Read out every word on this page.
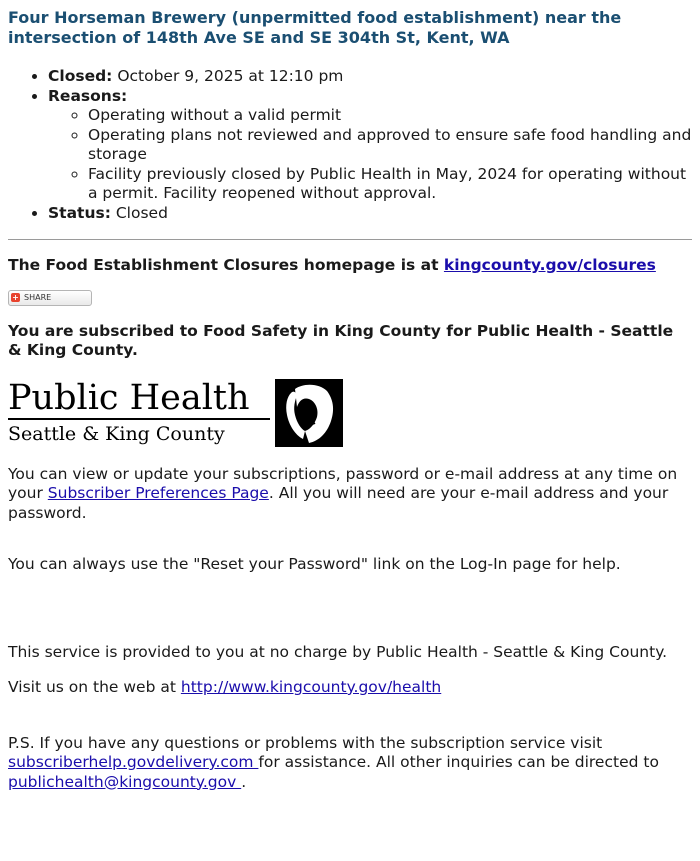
Four Horseman Brewery (unpermitted food establishment) near the intersection of 148th Ave SE and SE 304th St, Kent, WA
• Closed: October 9, 2025 at 12:10 pm
• Reasons:
◦ Operating without a valid permit
◦ Operating plans not reviewed and approved to ensure safe food handling and storage
◦ Facility previously closed by Public Health in May, 2024 for operating without a permit. Facility reopened without approval.
• Status: Closed

The Food Establishment Closures homepage is at kingcounty.gov/closures

+ SHARE

You are subscribed to Food Safety in King County for Public Health - Seattle & King County.

Public Health
Seattle & King County

You can view or update your subscriptions, password or e-mail address at any time on your Subscriber Preferences Page. All you will need are your e-mail address and your password.

You can always use the "Reset your Password" link on the Log-In page for help.

This service is provided to you at no charge by Public Health - Seattle & King County.

Visit us on the web at http://www.kingcounty.gov/health

P.S. If you have any questions or problems with the subscription service visit subscriberhelp.govdelivery.com for assistance. All other inquiries can be directed to publichealth@kingcounty.gov .
